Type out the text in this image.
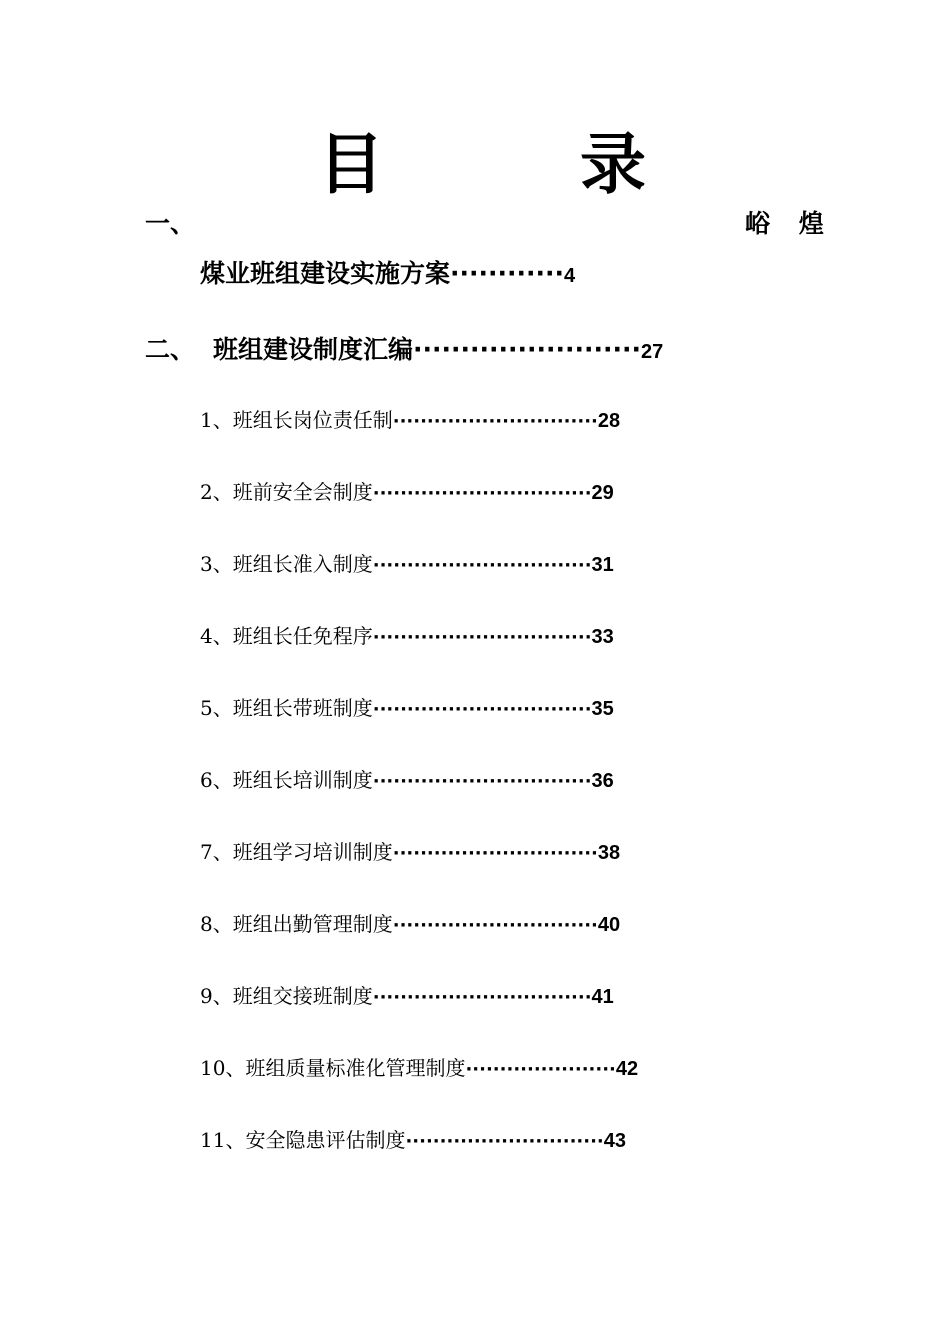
目	录
一、	峪 煌
煤业班组建设实施方案············4
二、 班组建设制度汇编························27
1、班组长岗位责任制······························28
2、班前安全会制度································29
3、班组长准入制度································31
4、班组长任免程序································33
5、班组长带班制度································35
6、班组长培训制度································36
7、班组学习培训制度······························38
8、班组出勤管理制度······························40
9、班组交接班制度································41
10、班组质量标准化管理制度······················42
11、安全隐患评估制度·····························43
